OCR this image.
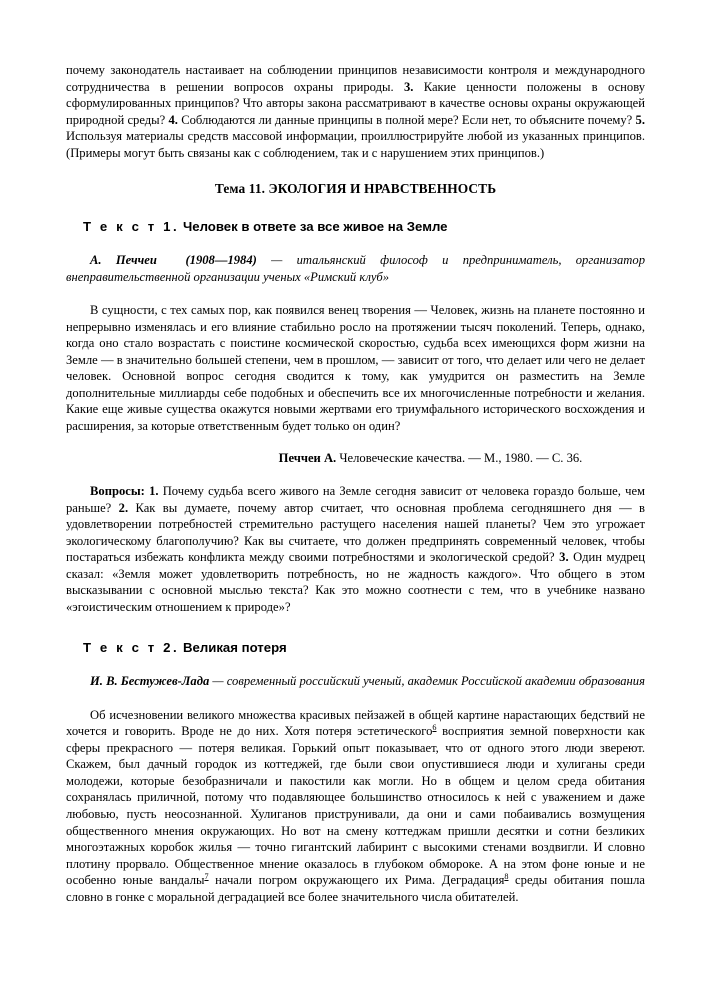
почему законодатель настаивает на соблюдении принципов независимости контроля и международного сотрудничества в решении вопросов охраны природы. 3. Какие ценности положены в основу сформулированных принципов? Что авторы закона рассматривают в качестве основы охраны окружающей природной среды? 4. Соблюдаются ли данные принципы в полной мере? Если нет, то объясните почему? 5. Используя материалы средств массовой информации, проиллюстрируйте любой из указанных принципов. (Примеры могут быть связаны как с соблюдением, так и с нарушением этих принципов.)

Тема 11. ЭКОЛОГИЯ И НРАВСТВЕННОСТЬ
Т е к с т 1. Человек в ответе за все живое на Земле

А. Печчеи (1908—1984) — итальянский философ и предприниматель, организатор внеправительственной организации ученых «Римский клуб»

В сущности, с тех самых пор, как появился венец творения — Человек, жизнь на планете постоянно и непрерывно изменялась и его влияние стабильно росло на протяжении тысяч поколений. Теперь, однако, когда оно стало возрастать с поистине космической скоростью, судьба всех имеющихся форм жизни на Земле — в значительно большей степени, чем в прошлом, — зависит от того, что делает или чего не делает человек. Основной вопрос сегодня сводится к тому, как умудрится он разместить на Земле дополнительные миллиарды себе подобных и обеспечить все их многочисленные потребности и желания. Какие еще живые существа окажутся новыми жертвами его триумфального исторического восхождения и расширения, за которые ответственным будет только он один?

Печчеи А. Человеческие качества. — М., 1980. — С. 36.

Вопросы: 1. Почему судьба всего живого на Земле сегодня зависит от человека гораздо больше, чем раньше? 2. Как вы думаете, почему автор считает, что основная проблема сегодняшнего дня — в удовлетворении потребностей стремительно растущего населения нашей планеты? Чем это угрожает экологическому благополучию? Как вы считаете, что должен предпринять современный человек, чтобы постараться избежать конфликта между своими потребностями и экологической средой? 3. Один мудрец сказал: «Земля может удовлетворить потребность, но не жадность каждого». Что общего в этом высказывании с основной мыслью текста? Как это можно соотнести с тем, что в учебнике названо «эгоистическим отношением к природе»?

Т е к с т 2. Великая потеря

И. В. Бестужев-Лада — современный российский ученый, академик Российской академии образования

Об исчезновении великого множества красивых пейзажей в общей картине нарастающих бедствий не хочется и говорить. Вроде не до них. Хотя потеря эстетического$^6$ восприятия земной поверхности как сферы прекрасного — потеря великая. Горький опыт показывает, что от одного этого люди звереют. Скажем, был дачный городок из коттеджей, где были свои опустившиеся люди и хулиганы среди молодежи, которые безобразничали и пакостили как могли. Но в общем и целом среда обитания сохранялась приличной, потому что подавляющее большинство относилось к ней с уважением и даже любовью, пусть неосознанной. Хулиганов приструнивали, да они и сами побаивались возмущения общественного мнения окружающих. Но вот на смену коттеджам пришли десятки и сотни безликих многоэтажных коробок жилья — точно гигантский лабиринт с высокими стенами воздвигли. И словно плотину прорвало. Общественное мнение оказалось в глубоком обмороке. А на этом фоне юные и не особенно юные вандалы$^7$ начали погром окружающего их Рима. Деградация$^8$ среды обитания пошла словно в гонке с моральной деградацией все более значительного числа обитателей.
